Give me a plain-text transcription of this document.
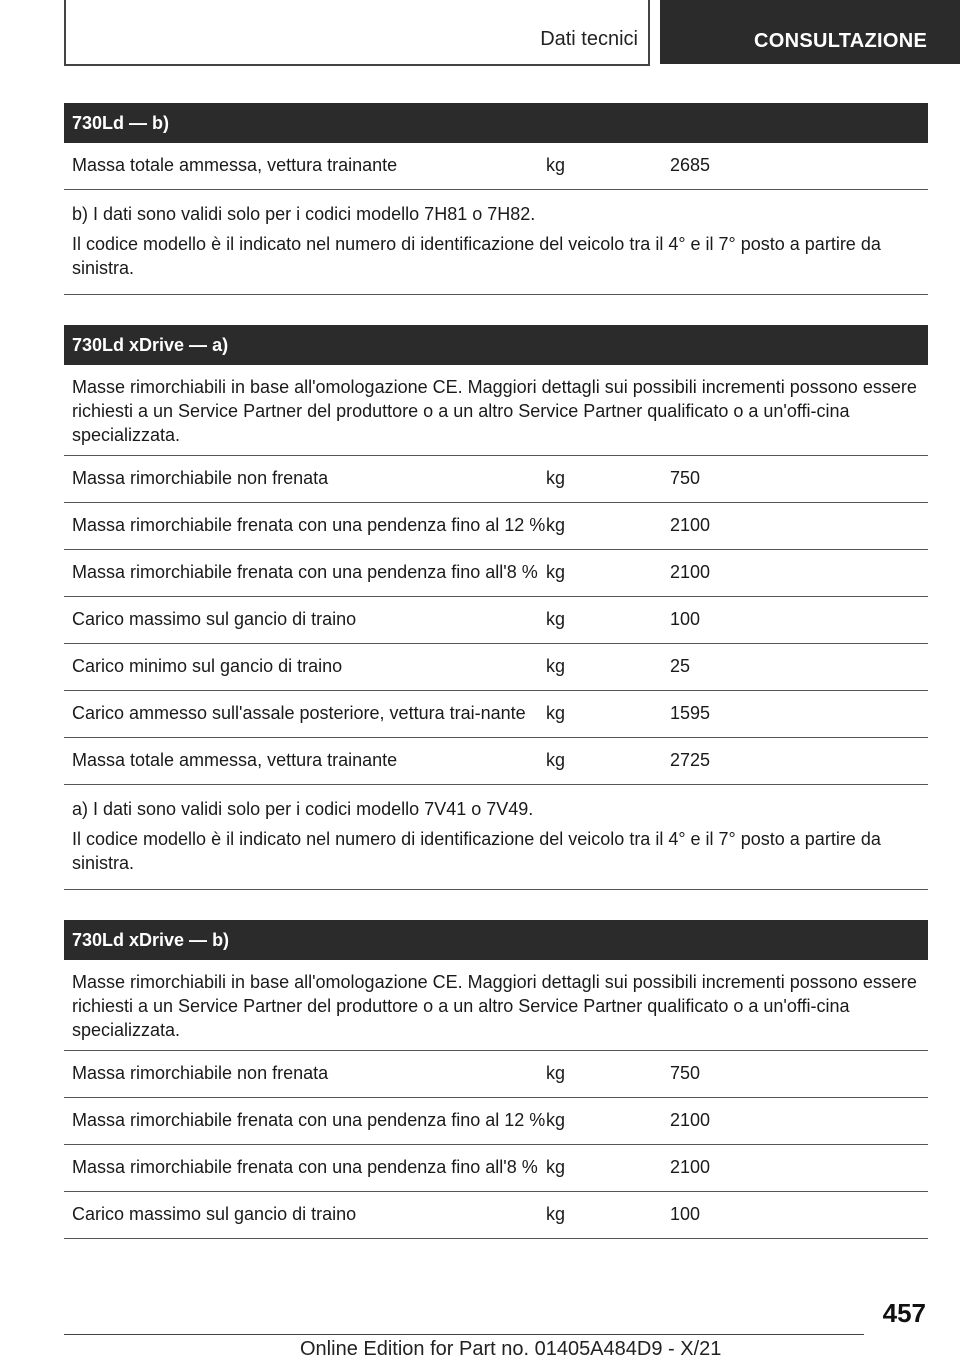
Dati tecnici	CONSULTAZIONE
730Ld — b)
Massa totale ammessa, vettura trainante	kg	2685

b) I dati sono validi solo per i codici modello 7H81 o 7H82.

Il codice modello è il indicato nel numero di identificazione del veicolo tra il 4° e il 7° posto a partire da sinistra.

730Ld xDrive — a)
Masse rimorchiabili in base all'omologazione CE. Maggiori dettagli sui possibili incrementi possono essere richiesti a un Service Partner del produttore o a un altro Service Partner qualificato o a un'offi-cina specializzata.
Massa rimorchiabile non frenata	kg	750
Massa rimorchiabile frenata con una pendenza fino al 12 % kg	2100
Massa rimorchiabile frenata con una pendenza fino all'8 % kg	2100
Carico massimo sul gancio di traino	kg	100
Carico minimo sul gancio di traino	kg	25
Carico ammesso sull'assale posteriore, vettura trai-nante	kg	1595
Massa totale ammessa, vettura trainante	kg	2725

a) I dati sono validi solo per i codici modello 7V41 o 7V49.

Il codice modello è il indicato nel numero di identificazione del veicolo tra il 4° e il 7° posto a partire da sinistra.

730Ld xDrive — b)
Masse rimorchiabili in base all'omologazione CE. Maggiori dettagli sui possibili incrementi possono essere richiesti a un Service Partner del produttore o a un altro Service Partner qualificato o a un'offi-cina specializzata.
Massa rimorchiabile non frenata	kg	750
Massa rimorchiabile frenata con una pendenza fino al 12 % kg	2100
Massa rimorchiabile frenata con una pendenza fino all'8 % kg	2100
Carico massimo sul gancio di traino	kg	100
457
Online Edition for Part no. 01405A484D9 - X/21
